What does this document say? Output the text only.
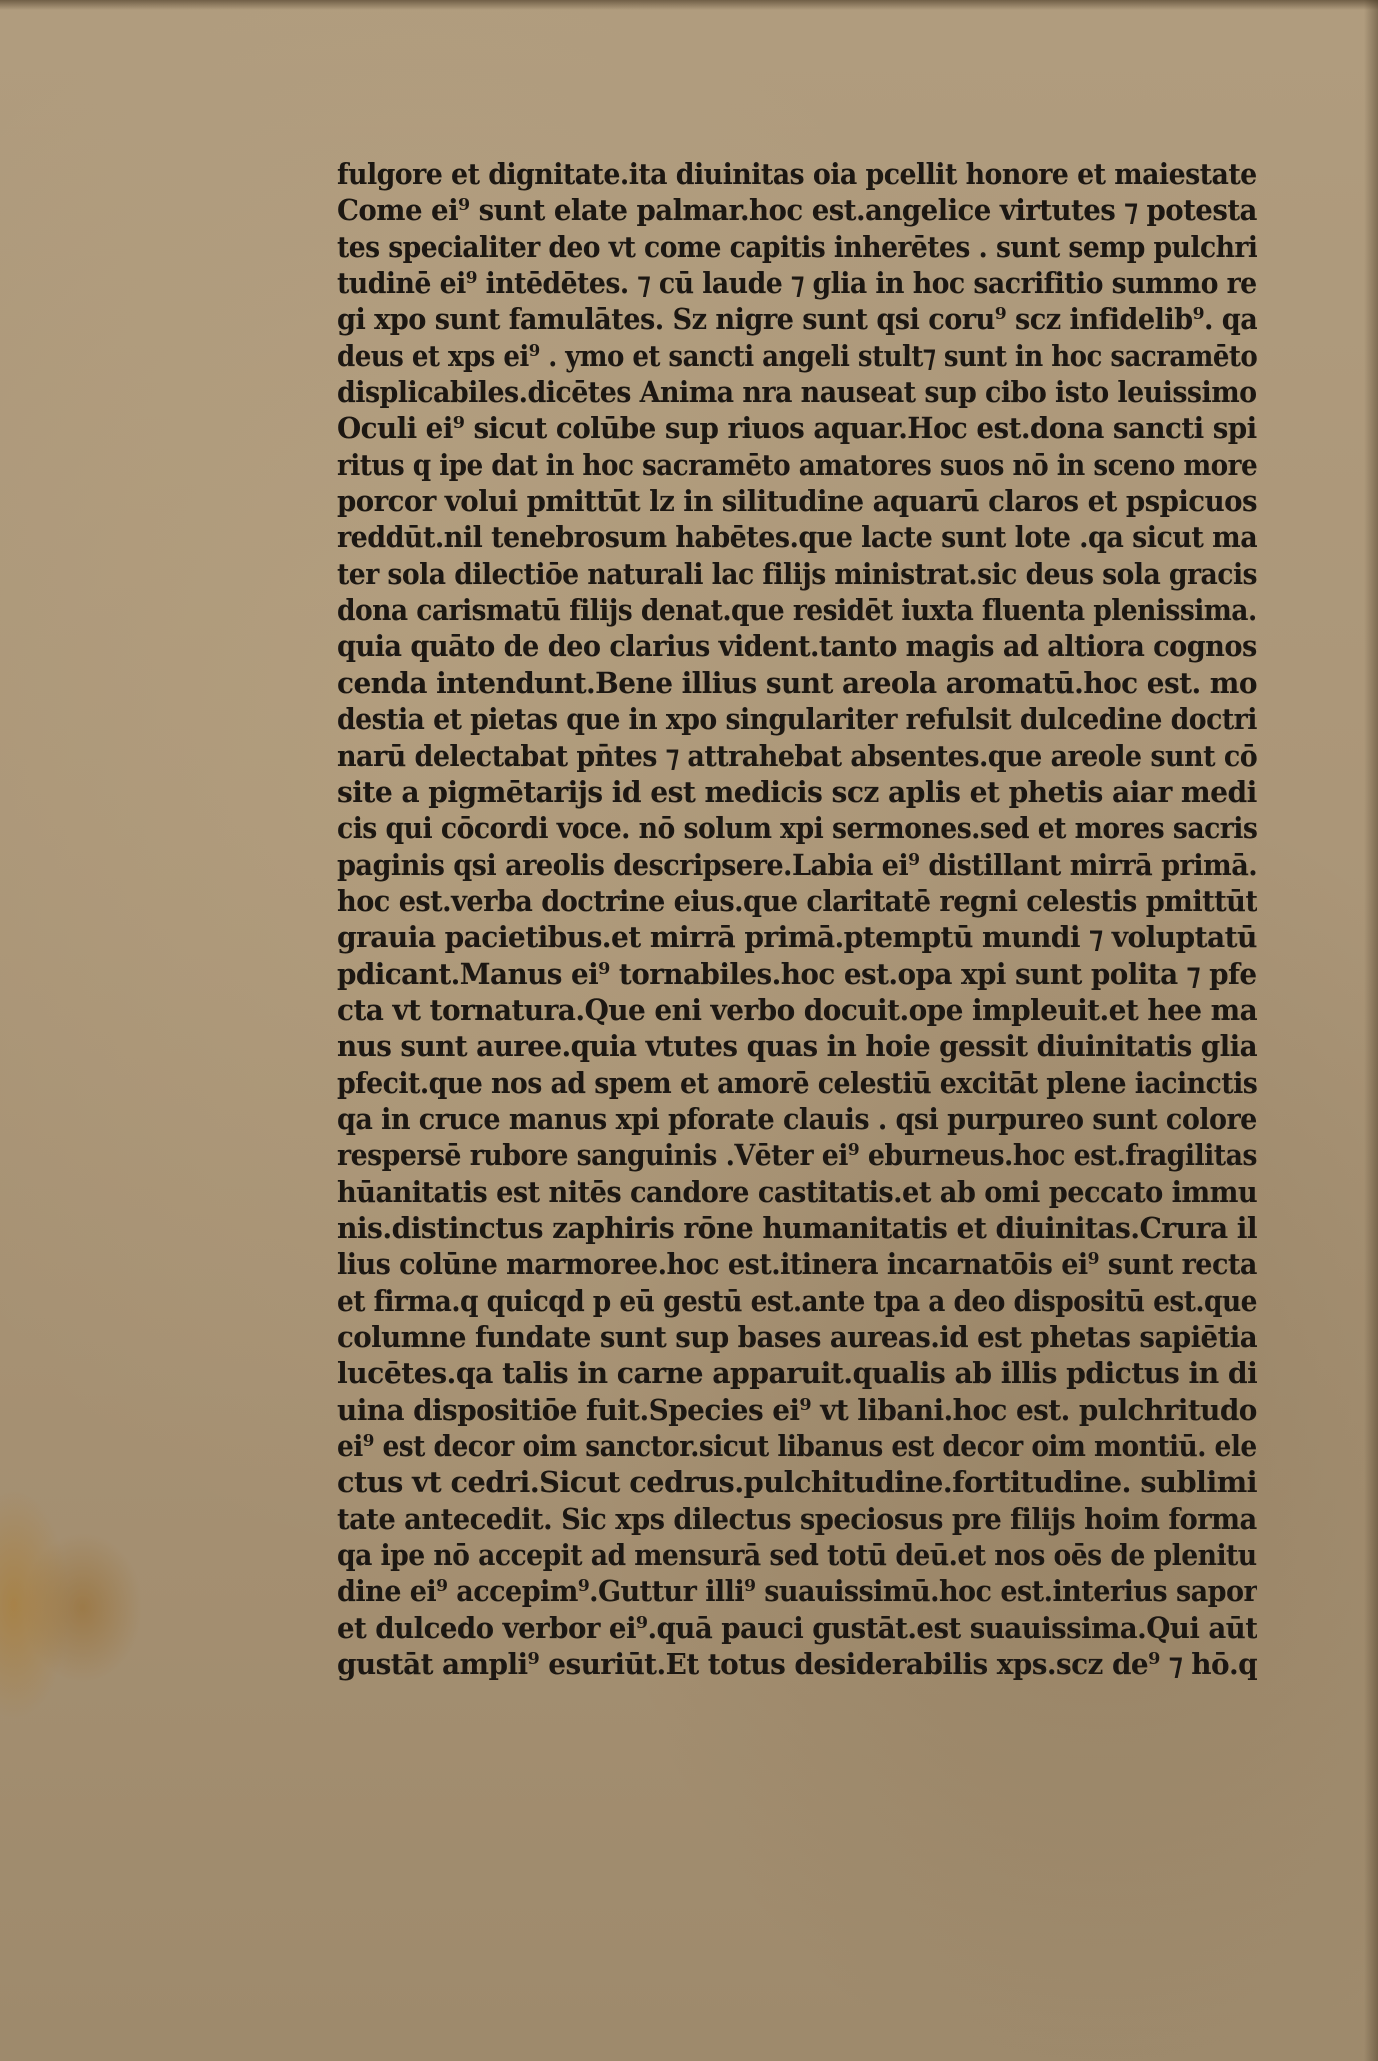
fulgore et dignitate.ita diuinitas oia pcellit honore et maiestate
Come ei⁹ sunt elate palmar.hoc est.angelice virtutes ⁊ potesta
tes specialiter deo vt come capitis inherētes . sunt semp pulchri
tudinē ei⁹ intēdētes. ⁊ cū laude ⁊ glia in hoc sacrifitio summo re
gi xpo sunt famulātes. Sz nigre sunt qsi coru⁹ scz infidelib⁹. qa
deus et xps ei⁹ . ymo et sancti angeli stult⁊ sunt in hoc sacramēto
displicabiles.dicētes Anima nra nauseat sup cibo isto leuissimo
Oculi ei⁹ sicut colūbe sup riuos aquar.Hoc est.dona sancti spi
ritus q ipe dat in hoc sacramēto amatores suos nō in sceno more
porcor volui pmittūt lz in silitudine aquarū claros et pspicuos
reddūt.nil tenebrosum habētes.que lacte sunt lote .qa sicut ma
ter sola dilectiōe naturali lac filijs ministrat.sic deus sola gracis
dona carismatū filijs denat.que residēt iuxta fluenta plenissima.
quia quāto de deo clarius vident.tanto magis ad altiora cognos
cenda intendunt.Bene illius sunt areola aromatū.hoc est. mo
destia et pietas que in xpo singulariter refulsit dulcedine doctri
narū delectabat pn̄tes ⁊ attrahebat absentes.que areole sunt cō
site a pigmētarijs id est medicis scz aplis et phetis aiar medi
cis qui cōcordi voce. nō solum xpi sermones.sed et mores sacris
paginis qsi areolis descripsere.Labia ei⁹ distillant mirrā primā.
hoc est.verba doctrine eius.que claritatē regni celestis pmittūt
grauia pacietibus.et mirrā primā.ptemptū mundi ⁊ voluptatū
pdicant.Manus ei⁹ tornabiles.hoc est.opa xpi sunt polita ⁊ pfe
cta vt tornatura.Que eni verbo docuit.ope impleuit.et hee ma
nus sunt auree.quia vtutes quas in hoie gessit diuinitatis glia
pfecit.que nos ad spem et amorē celestiū excitāt plene iacinctis
qa in cruce manus xpi pforate clauis . qsi purpureo sunt colore
respersē rubore sanguinis .Vēter ei⁹ eburneus.hoc est.fragilitas
hūanitatis est nitēs candore castitatis.et ab omi peccato immu
nis.distinctus zaphiris rōne humanitatis et diuinitas.Crura il
lius colūne marmoree.hoc est.itinera incarnatōis ei⁹ sunt recta
et firma.q quicqd p eū gestū est.ante tpa a deo dispositū est.que
columne fundate sunt sup bases aureas.id est phetas sapiētia
lucētes.qa talis in carne apparuit.qualis ab illis pdictus in di
uina dispositiōe fuit.Species ei⁹ vt libani.hoc est. pulchritudo
ei⁹ est decor oim sanctor.sicut libanus est decor oim montiū. ele
ctus vt cedri.Sicut cedrus.pulchitudine.fortitudine. sublimi
tate antecedit. Sic xps dilectus speciosus pre filijs hoim forma
qa ipe nō accepit ad mensurā sed totū deū.et nos oēs de plenitu
dine ei⁹ accepim⁹.Guttur illi⁹ suauissimū.hoc est.interius sapor
et dulcedo verbor ei⁹.quā pauci gustāt.est suauissima.Qui aūt
gustāt ampli⁹ esuriūt.Et totus desiderabilis xps.scz de⁹ ⁊ hō.q
